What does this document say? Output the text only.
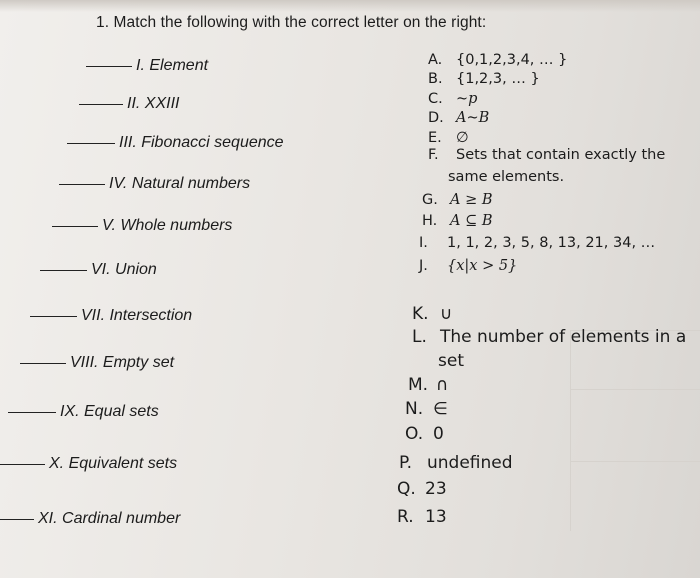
1. Match the following with the correct letter on the right:
I. Element
II. XXIII
III. Fibonacci sequence
IV. Natural numbers
V. Whole numbers
VI. Union
VII. Intersection
VIII. Empty set
IX. Equal sets
X. Equivalent sets
XI. Cardinal number
A. {0,1,2,3,4, … }
B. {1,2,3, … }
C. ~p
D. A~B
E. ∅
F. Sets that contain exactly the
same elements.
G. A ≥ B
H. A ⊆ B
I. 1, 1, 2, 3, 5, 8, 13, 21, 34, …
J. {x|x > 5}
K. ∪
L. The number of elements in a
set
M. ∩
N. ∈
O. 0
P. undefined
Q. 23
R. 13
